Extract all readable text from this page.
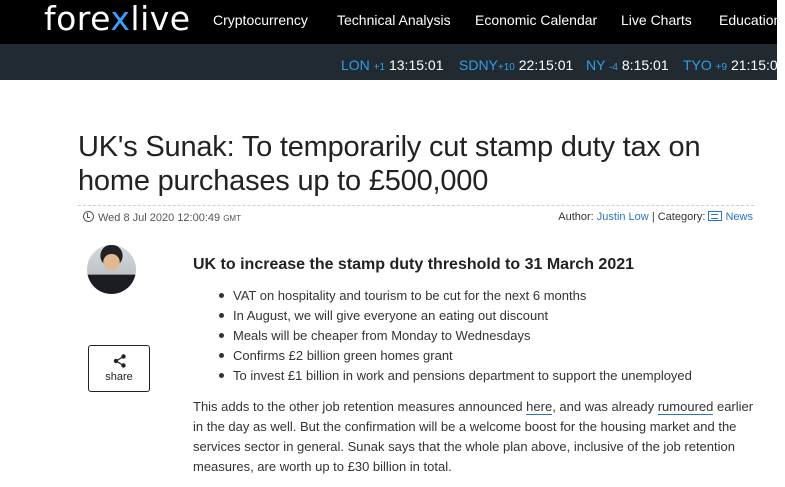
forexlive Cryptocurrency Technical Analysis Economic Calendar Live Charts Education
LON +1 13:15:01 SDNY+10 22:15:01 NY -4 8:15:01 TYO +9 21:15:01
UK's Sunak: To temporarily cut stamp duty tax on home purchases up to £500,000
Wed 8 Jul 2020 12:00:49 GMT	Author: Justin Low | Category: News
share
UK to increase the stamp duty threshold to 31 March 2021
VAT on hospitality and tourism to be cut for the next 6 months
In August, we will give everyone an eating out discount
Meals will be cheaper from Monday to Wednesdays
Confirms £2 billion green homes grant
To invest £1 billion in work and pensions department to support the unemployed

This adds to the other job retention measures announced here, and was already rumoured earlier in the day as well. But the confirmation will be a welcome boost for the housing market and the services sector in general. Sunak says that the whole plan above, inclusive of the job retention measures, are worth up to £30 billion in total.
